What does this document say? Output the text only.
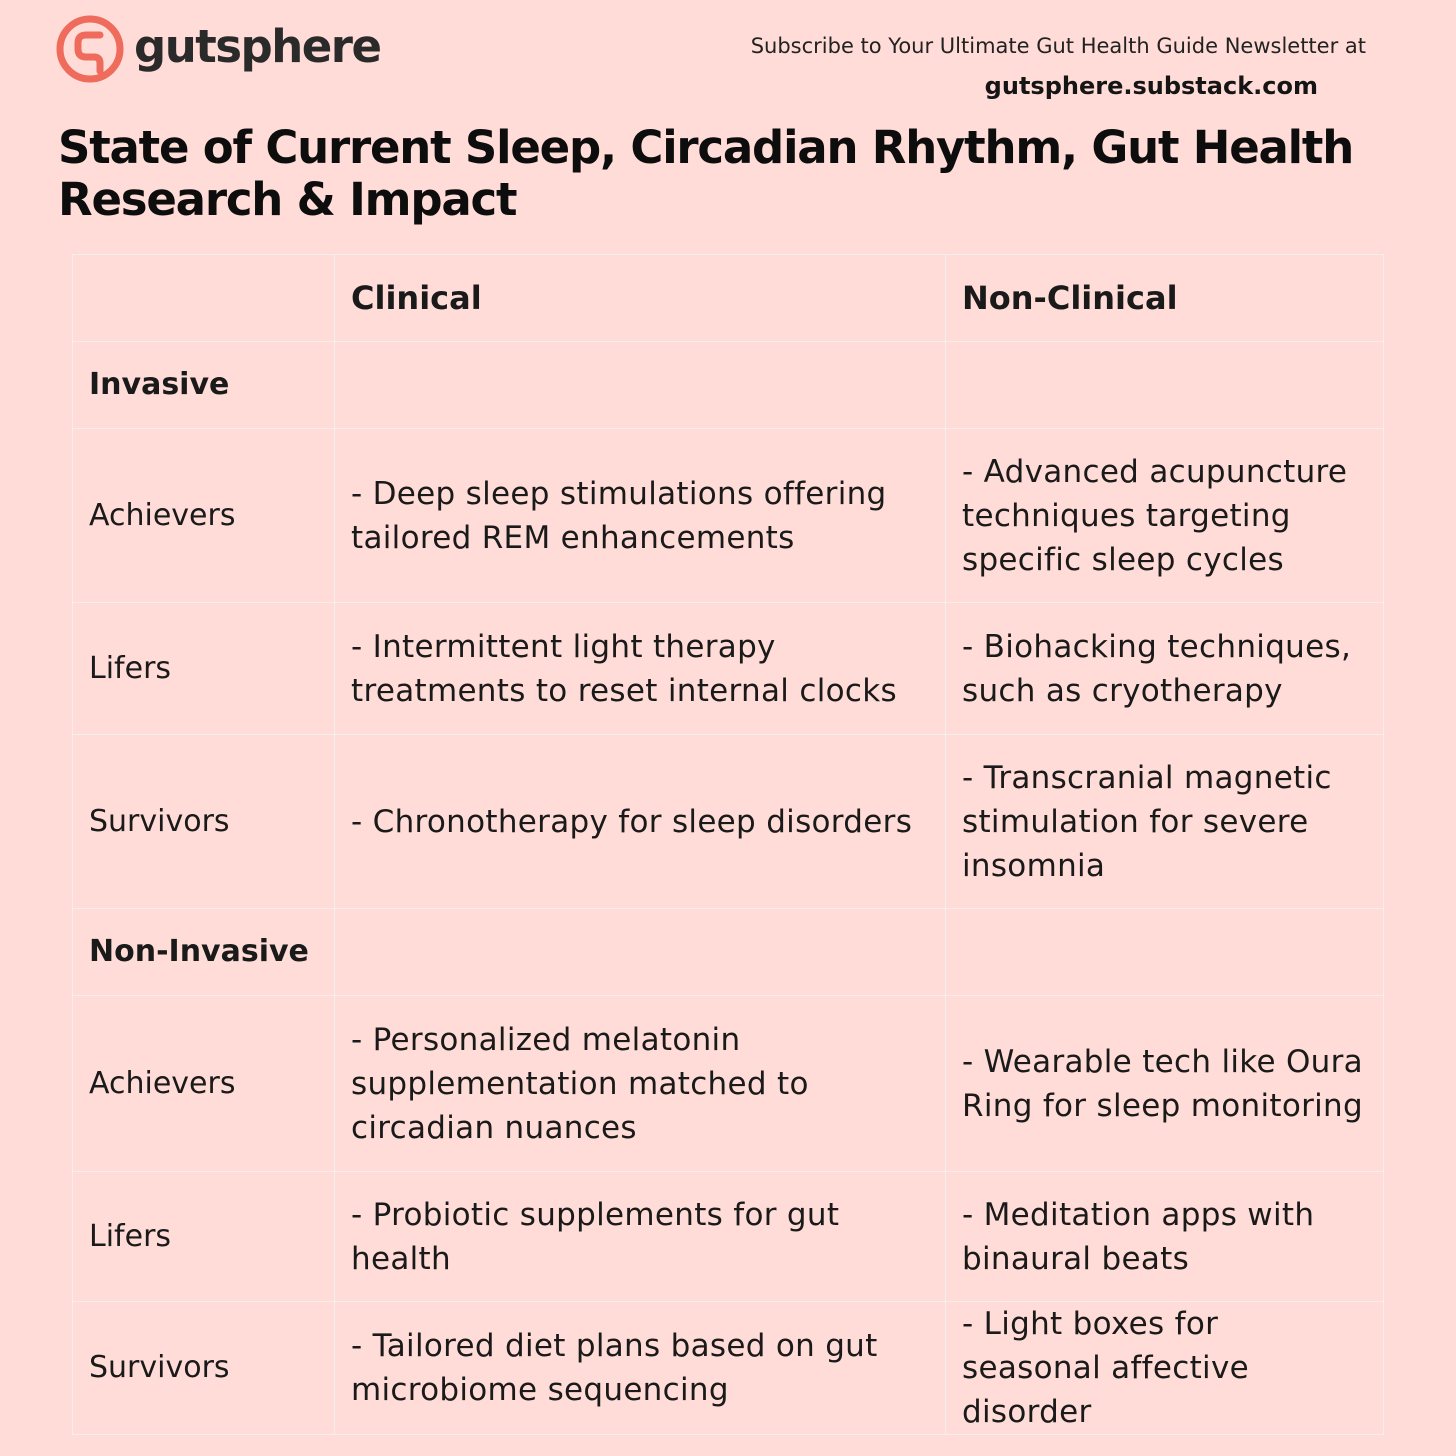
gutsphere	Subscribe to Your Ultimate Gut Health Guide Newsletter at
gutsphere.substack.com
State of Current Sleep, Circadian Rhythm, Gut Health Research & Impact
	Clinical	Non-Clinical
Invasive		
Achievers	- Deep sleep stimulations offering tailored REM enhancements	- Advanced acupuncture techniques targeting specific sleep cycles
Lifers	- Intermittent light therapy treatments to reset internal clocks	- Biohacking techniques, such as cryotherapy
Survivors	- Chronotherapy for sleep disorders	- Transcranial magnetic stimulation for severe insomnia
Non-Invasive		
Achievers	- Personalized melatonin supplementation matched to circadian nuances	- Wearable tech like Oura Ring for sleep monitoring
Lifers	- Probiotic supplements for gut health	- Meditation apps with binaural beats
Survivors	- Tailored diet plans based on gut microbiome sequencing	- Light boxes for seasonal affective disorder
